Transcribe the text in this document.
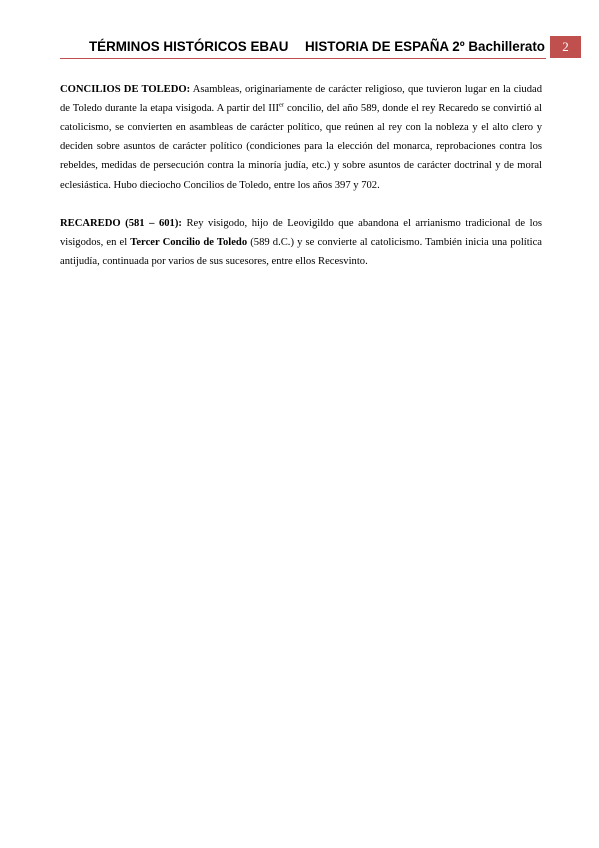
TÉRMINOS HISTÓRICOS EBAU HISTORIA DE ESPAÑA 2º Bachillerato	2

CONCILIOS DE TOLEDO: Asambleas, originariamente de carácter religioso, que tuvieron lugar en la ciudad de Toledo durante la etapa visigoda. A partir del IIIer concilio, del año 589, donde el rey Recaredo se convirtió al catolicismo, se convierten en asambleas de carácter político, que reúnen al rey con la nobleza y el alto clero y deciden sobre asuntos de carácter político (condiciones para la elección del monarca, reprobaciones contra los rebeldes, medidas de persecución contra la minoría judía, etc.) y sobre asuntos de carácter doctrinal y de moral eclesiástica. Hubo dieciocho Concilios de Toledo, entre los años 397 y 702.

RECAREDO (581 – 601): Rey visigodo, hijo de Leovigildo que abandona el arrianismo tradicional de los visigodos, en el Tercer Concilio de Toledo (589 d.C.) y se convierte al catolicismo. También inicia una política antijudía, continuada por varios de sus sucesores, entre ellos Recesvinto.
